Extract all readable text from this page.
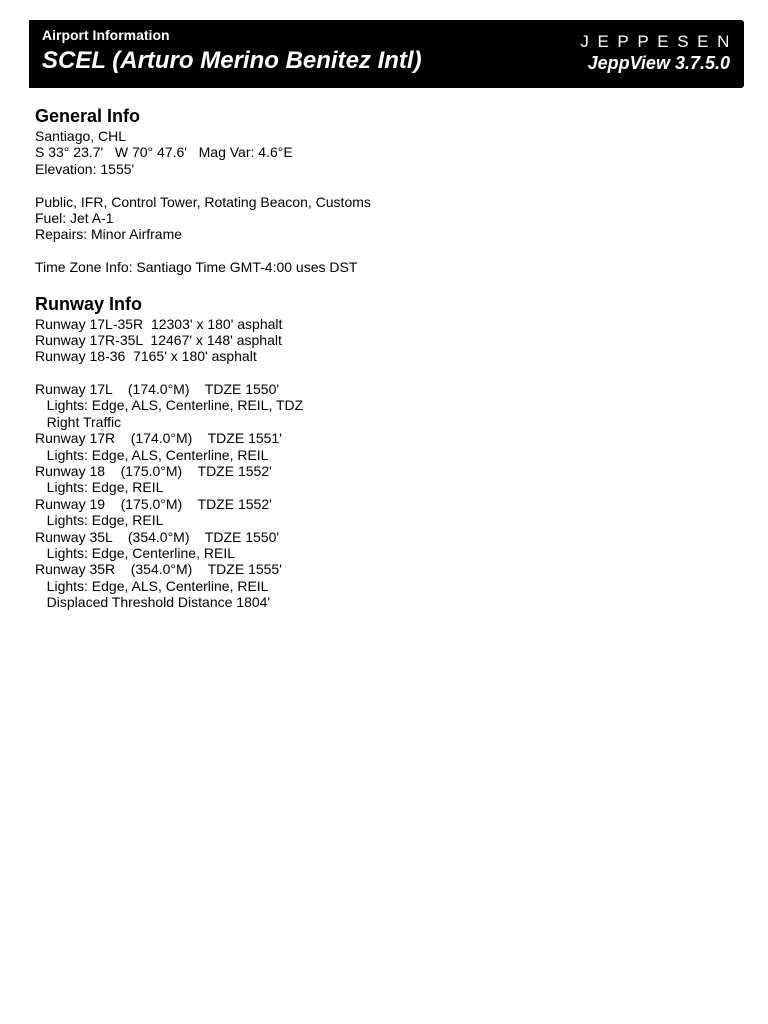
Airport Information
SCEL (Arturo Merino Benitez Intl)
JEPPESEN
JeppView 3.7.5.0
General Info
Santiago, CHL
S 33° 23.7'   W 70° 47.6'   Mag Var: 4.6°E
Elevation: 1555'
Public, IFR, Control Tower, Rotating Beacon, Customs
Fuel: Jet A-1
Repairs: Minor Airframe
Time Zone Info: Santiago Time GMT-4:00 uses DST
Runway Info
Runway 17L-35R  12303' x 180' asphalt
Runway 17R-35L  12467' x 148' asphalt
Runway 18-36  7165' x 180' asphalt
Runway 17L    (174.0°M)    TDZE 1550'
Lights: Edge, ALS, Centerline, REIL, TDZ
Right Traffic
Runway 17R    (174.0°M)    TDZE 1551'
Lights: Edge, ALS, Centerline, REIL
Runway 18    (175.0°M)    TDZE 1552'
Lights: Edge, REIL
Runway 19    (175.0°M)    TDZE 1552'
Lights: Edge, REIL
Runway 35L    (354.0°M)    TDZE 1550'
Lights: Edge, Centerline, REIL
Runway 35R    (354.0°M)    TDZE 1555'
Lights: Edge, ALS, Centerline, REIL
Displaced Threshold Distance 1804'
